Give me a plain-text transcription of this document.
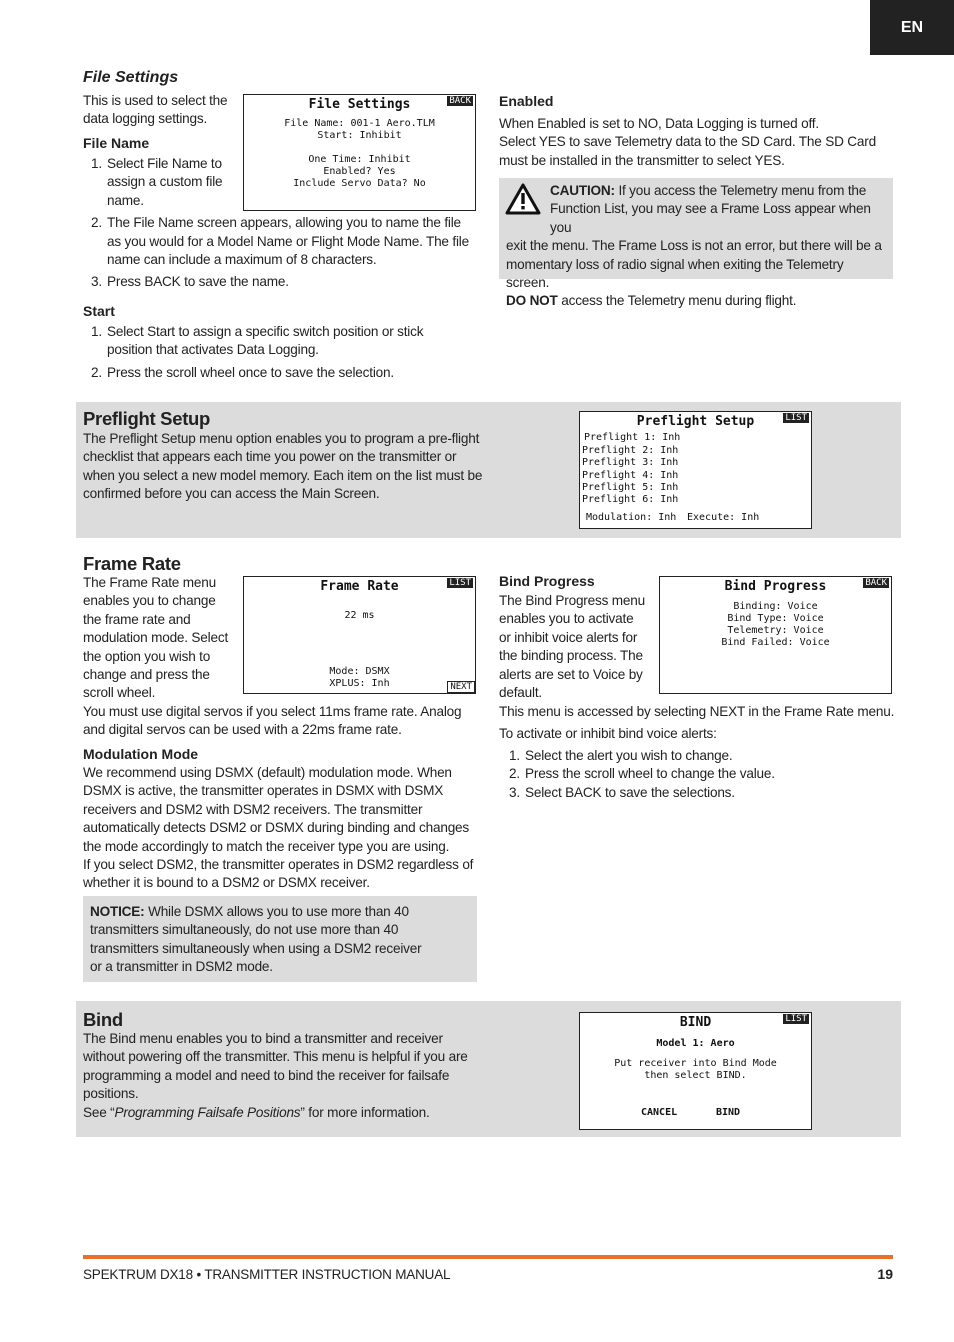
EN
File Settings
This is used to select the
data logging settings.
File Name
1. Select File Name to
assign a custom file
name.
2. The File Name screen appears, allowing you to name the file
as you would for a Model Name or Flight Mode Name. The file
name can include a maximum of 8 characters.
3. Press BACK to save the name.
Start
1. Select Start to assign a specific switch position or stick
position that activates Data Logging.
2. Press the scroll wheel once to save the selection.
File Settings	BACK
File Name: 001-1 Aero.TLM
Start: Inhibit
One Time: Inhibit
Enabled? Yes
Include Servo Data? No
Enabled
When Enabled is set to NO, Data Logging is turned off.
Select YES to save Telemetry data to the SD Card. The SD Card
must be installed in the transmitter to select YES.
CAUTION: If you access the Telemetry menu from the
Function List, you may see a Frame Loss appear when you
exit the menu. The Frame Loss is not an error, but there will be a
momentary loss of radio signal when exiting the Telemetry screen.
DO NOT access the Telemetry menu during flight.
Preflight Setup
The Preflight Setup menu option enables you to program a pre-flight
checklist that appears each time you power on the transmitter or
when you select a new model memory. Each item on the list must be
confirmed before you can access the Main Screen.
Preflight Setup	LIST
Preflight 1: Inh
Preflight 2: Inh
Preflight 3: Inh
Preflight 4: Inh
Preflight 5: Inh
Preflight 6: Inh
Modulation: Inh Execute: Inh
Frame Rate
The Frame Rate menu
enables you to change
the frame rate and
modulation mode. Select
the option you wish to
change and press the
scroll wheel.
Frame Rate	LIST
22 ms
Mode: DSMX
XPLUS: Inh	NEXT
You must use digital servos if you select 11ms frame rate. Analog
and digital servos can be used with a 22ms frame rate.
Modulation Mode
We recommend using DSMX (default) modulation mode. When
DSMX is active, the transmitter operates in DSMX with DSMX
receivers and DSM2 with DSM2 receivers. The transmitter
automatically detects DSM2 or DSMX during binding and changes
the mode accordingly to match the receiver type you are using.
If you select DSM2, the transmitter operates in DSM2 regardless of
whether it is bound to a DSM2 or DSMX receiver.
NOTICE: While DSMX allows you to use more than 40
transmitters simultaneously, do not use more than 40
transmitters simultaneously when using a DSM2 receiver
or a transmitter in DSM2 mode.
Bind Progress
The Bind Progress menu
enables you to activate
or inhibit voice alerts for
the binding process. The
alerts are set to Voice by
default.
Bind Progress	BACK
Binding: Voice
Bind Type: Voice
Telemetry: Voice
Bind Failed: Voice
This menu is accessed by selecting NEXT in the Frame Rate menu.
To activate or inhibit bind voice alerts:
1. Select the alert you wish to change.
2. Press the scroll wheel to change the value.
3. Select BACK to save the selections.
Bind
The Bind menu enables you to bind a transmitter and receiver
without powering off the transmitter. This menu is helpful if you are
programming a model and need to bind the receiver for failsafe
positions.
See “Programming Failsafe Positions” for more information.
BIND	LIST
Model 1: Aero
Put receiver into Bind Mode
then select BIND.
CANCEL	BIND
SPEKTRUM DX18 • TRANSMITTER INSTRUCTION MANUAL	19
